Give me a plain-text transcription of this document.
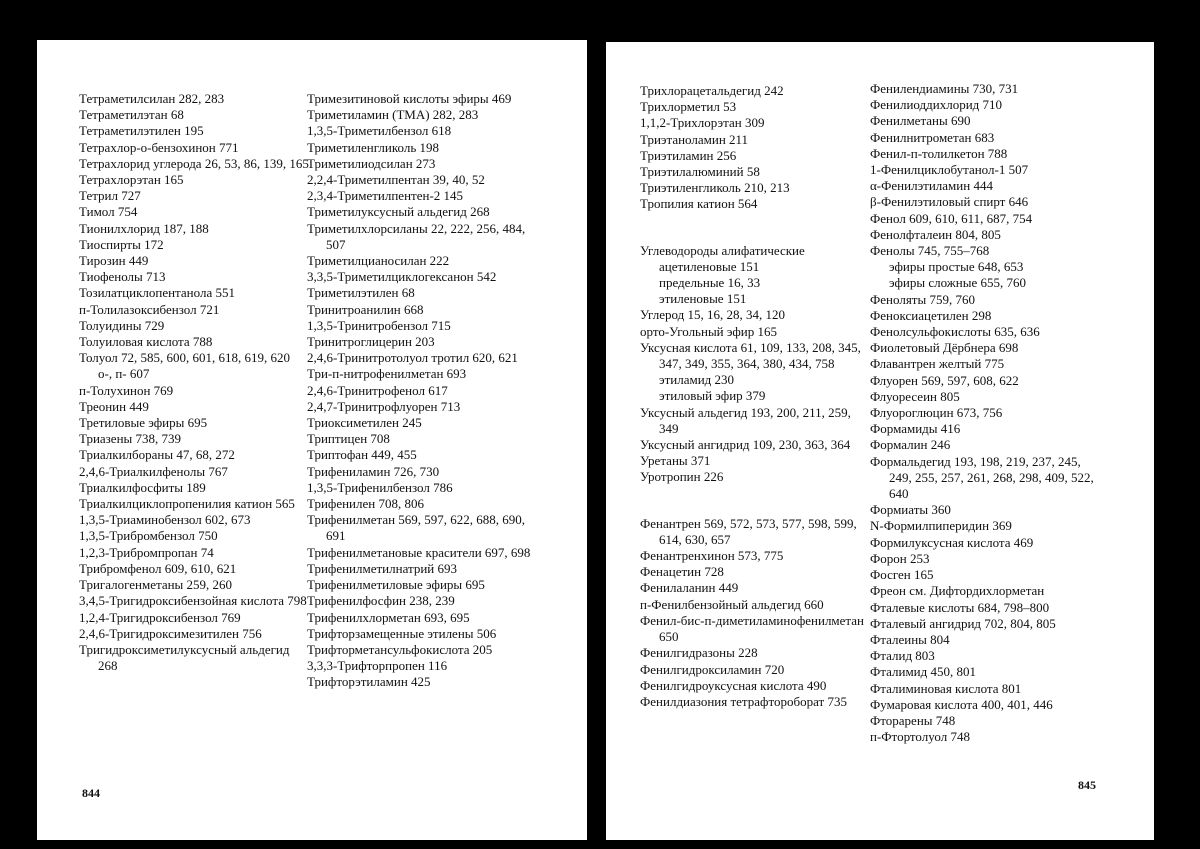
Тетраметилсилан 282, 283
Тетраметилэтан 68
Тетраметилэтилен 195
Тетрахлор-о-бензохинон 771
Тетрахлорид углерода 26, 53, 86, 139, 165
Тетрахлорэтан 165
Тетрил 727
Тимол 754
Тионилхлорид 187, 188
Тиоспирты 172
Тирозин 449
Тиофенолы 713
Тозилатциклопентанола 551
п-Толилазоксибензол 721
Толуидины 729
Толуиловая кислота 788
Толуол 72, 585, 600, 601, 618, 619, 620
о-, п- 607
п-Толухинон 769
Треонин 449
Третиловые эфиры 695
Триазены 738, 739
Триалкилбораны 47, 68, 272
2,4,6-Триалкилфенолы 767
Триалкилфосфиты 189
Триалкилциклопропенилия катион 565
1,3,5-Триаминобензол 602, 673
1,3,5-Трибромбензол 750
1,2,3-Трибромпропан 74
Трибромфенол 609, 610, 621
Тригалогенметаны 259, 260
3,4,5-Тригидроксибензойная кислота 798
1,2,4-Тригидроксибензол 769
2,4,6-Тригидроксимезитилен 756
Тригидроксиметилуксусный альдегид 268
Тримезитиновой кислоты эфиры 469
Триметиламин (ТМА) 282, 283
1,3,5-Триметилбензол 618
Триметиленгликоль 198
Триметилиодсилан 273
2,2,4-Триметилпентан 39, 40, 52
2,3,4-Триметилпентен-2 145
Триметилуксусный альдегид 268
Триметилхлорсиланы 22, 222, 256, 484, 507
Триметилцианосилан 222
3,3,5-Триметилциклогексанон 542
Триметилэтилен 68
Тринитроанилин 668
1,3,5-Тринитробензол 715
Тринитроглицерин 203
2,4,6-Тринитротолуол тротил 620, 621
Три-п-нитрофенилметан 693
2,4,6-Тринитрофенол 617
2,4,7-Тринитрофлуорен 713
Триоксиметилен 245
Триптицен 708
Триптофан 449, 455
Трифениламин 726, 730
1,3,5-Трифенилбензол 786
Трифенилен 708, 806
Трифенилметан 569, 597, 622, 688, 690, 691
Трифенилметановые красители 697, 698
Трифенилметилнатрий 693
Трифенилметиловые эфиры 695
Трифенилфосфин 238, 239
Трифенилхлорметан 693, 695
Трифторзамещенные этилены 506
Трифторметансульфокислота 205
3,3,3-Трифторпропен 116
Трифторэтиламин 425
844
Трихлорацетальдегид 242
Трихлорметил 53
1,1,2-Трихлорэтан 309
Триэтаноламин 211
Триэтиламин 256
Триэтилалюминий 58
Триэтиленгликоль 210, 213
Тропилия катион 564
Углеводороды алифатические
ацетиленовые 151
предельные 16, 33
этиленовые 151
Углерод 15, 16, 28, 34, 120
орто-Угольный эфир 165
Уксусная кислота 61, 109, 133, 208, 345, 347, 349, 355, 364, 380, 434, 758
этиламид 230
этиловый эфир 379
Уксусный альдегид 193, 200, 211, 259, 349
Уксусный ангидрид 109, 230, 363, 364
Уретаны 371
Уротропин 226
Фенантрен 569, 572, 573, 577, 598, 599, 614, 630, 657
Фенантренхинон 573, 775
Фенацетин 728
Фенилаланин 449
п-Фенилбензойный альдегид 660
Фенил-бис-п-диметиламинофенилметан 650
Фенилгидразоны 228
Фенилгидроксиламин 720
Фенилгидроуксусная кислота 490
Фенилдиазония тетрафтороборат 735
Фенилендиамины 730, 731
Фенилиоддихлорид 710
Фенилметаны 690
Фенилнитрометан 683
Фенил-п-толилкетон 788
1-Фенилциклобутанол-1 507
α-Фенилэтиламин 444
β-Фенилэтиловый спирт 646
Фенол 609, 610, 611, 687, 754
Фенолфталеин 804, 805
Фенолы 745, 755–768
эфиры простые 648, 653
эфиры сложные 655, 760
Феноляты 759, 760
Феноксиацетилен 298
Фенолсульфокислоты 635, 636
Фиолетовый Дёрбнера 698
Флавантрен желтый 775
Флуорен 569, 597, 608, 622
Флуоресеин 805
Флуороглюцин 673, 756
Формамиды 416
Формалин 246
Формальдегид 193, 198, 219, 237, 245, 249, 255, 257, 261, 268, 298, 409, 522, 640
Формиаты 360
N-Формилпиперидин 369
Формилуксусная кислота 469
Форон 253
Фосген 165
Фреон см. Дифтордихлорметан
Фталевые кислоты 684, 798–800
Фталевый ангидрид 702, 804, 805
Фталеины 804
Фталид 803
Фталимид 450, 801
Фталиминовая кислота 801
Фумаровая кислота 400, 401, 446
Фторарены 748
п-Фтортолуол 748
845
